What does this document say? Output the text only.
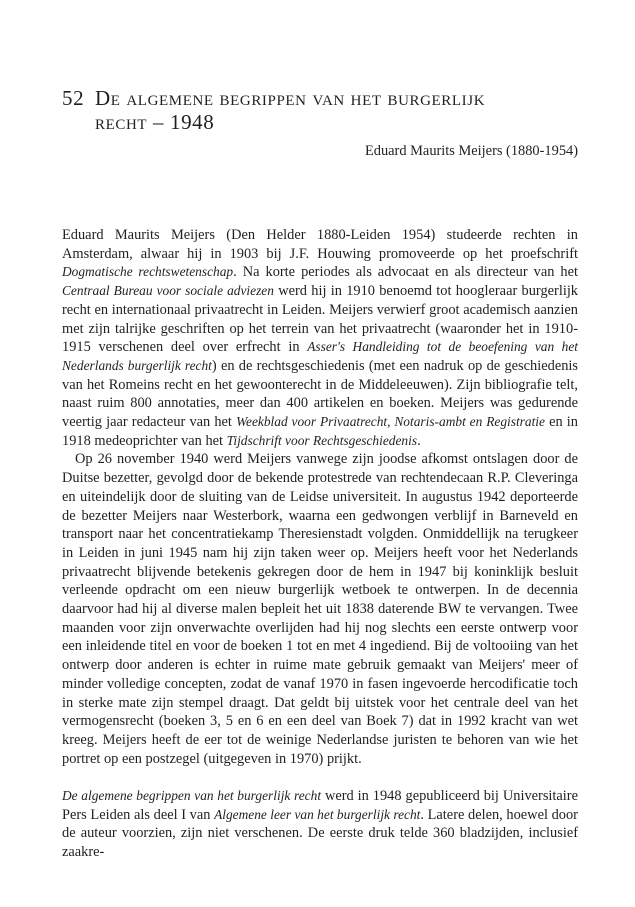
52 De algemene begrippen van het burgerlijk
recht – 1948
Eduard Maurits Meijers (1880-1954)

Eduard Maurits Meijers (Den Helder 1880-Leiden 1954) studeerde rechten in Amsterdam, alwaar hij in 1903 bij J.F. Houwing promoveerde op het proefschrift Dogmatische rechtswetenschap. Na korte periodes als advocaat en als directeur van het Centraal Bureau voor sociale adviezen werd hij in 1910 benoemd tot hoogleraar burgerlijk recht en internationaal privaatrecht in Leiden. Meijers verwierf groot academisch aanzien met zijn talrijke geschriften op het terrein van het privaatrecht (waaronder het in 1910-1915 verschenen deel over erfrecht in Asser's Handleiding tot de beoefening van het Nederlands burgerlijk recht) en de rechtsgeschiedenis (met een nadruk op de geschiedenis van het Romeins recht en het gewoonterecht in de Middeleeuwen). Zijn bibliografie telt, naast ruim 800 annotaties, meer dan 400 artikelen en boeken. Meijers was gedurende veertig jaar redacteur van het Weekblad voor Privaatrecht, Notaris-ambt en Registratie en in 1918 medeoprichter van het Tijdschrift voor Rechtsgeschiedenis.

Op 26 november 1940 werd Meijers vanwege zijn joodse afkomst ontslagen door de Duitse bezetter, gevolgd door de bekende protestrede van rechtendecaan R.P. Cleveringa en uiteindelijk door de sluiting van de Leidse universiteit. In augustus 1942 deporteerde de bezetter Meijers naar Westerbork, waarna een gedwongen verblijf in Barneveld en transport naar het concentratiekamp Theresienstadt volgden. Onmiddellijk na terugkeer in Leiden in juni 1945 nam hij zijn taken weer op. Meijers heeft voor het Nederlands privaatrecht blijvende betekenis gekregen door de hem in 1947 bij koninklijk besluit verleende opdracht om een nieuw burgerlijk wetboek te ontwerpen. In de decennia daarvoor had hij al diverse malen bepleit het uit 1838 daterende BW te vervangen. Twee maanden voor zijn onverwachte overlijden had hij nog slechts een eerste ontwerp voor een inleidende titel en voor de boeken 1 tot en met 4 ingediend. Bij de voltooiing van het ontwerp door anderen is echter in ruime mate gebruik gemaakt van Meijers' meer of minder volledige concepten, zodat de vanaf 1970 in fasen ingevoerde hercodificatie toch in sterke mate zijn stempel draagt. Dat geldt bij uitstek voor het centrale deel van het vermogensrecht (boeken 3, 5 en 6 en een deel van Boek 7) dat in 1992 kracht van wet kreeg. Meijers heeft de eer tot de weinige Nederlandse juristen te behoren van wie het portret op een postzegel (uitgegeven in 1970) prijkt.

De algemene begrippen van het burgerlijk recht werd in 1948 gepubliceerd bij Universitaire Pers Leiden als deel I van Algemene leer van het burgerlijk recht. Latere delen, hoewel door de auteur voorzien, zijn niet verschenen. De eerste druk telde 360 bladzijden, inclusief zaakre-
